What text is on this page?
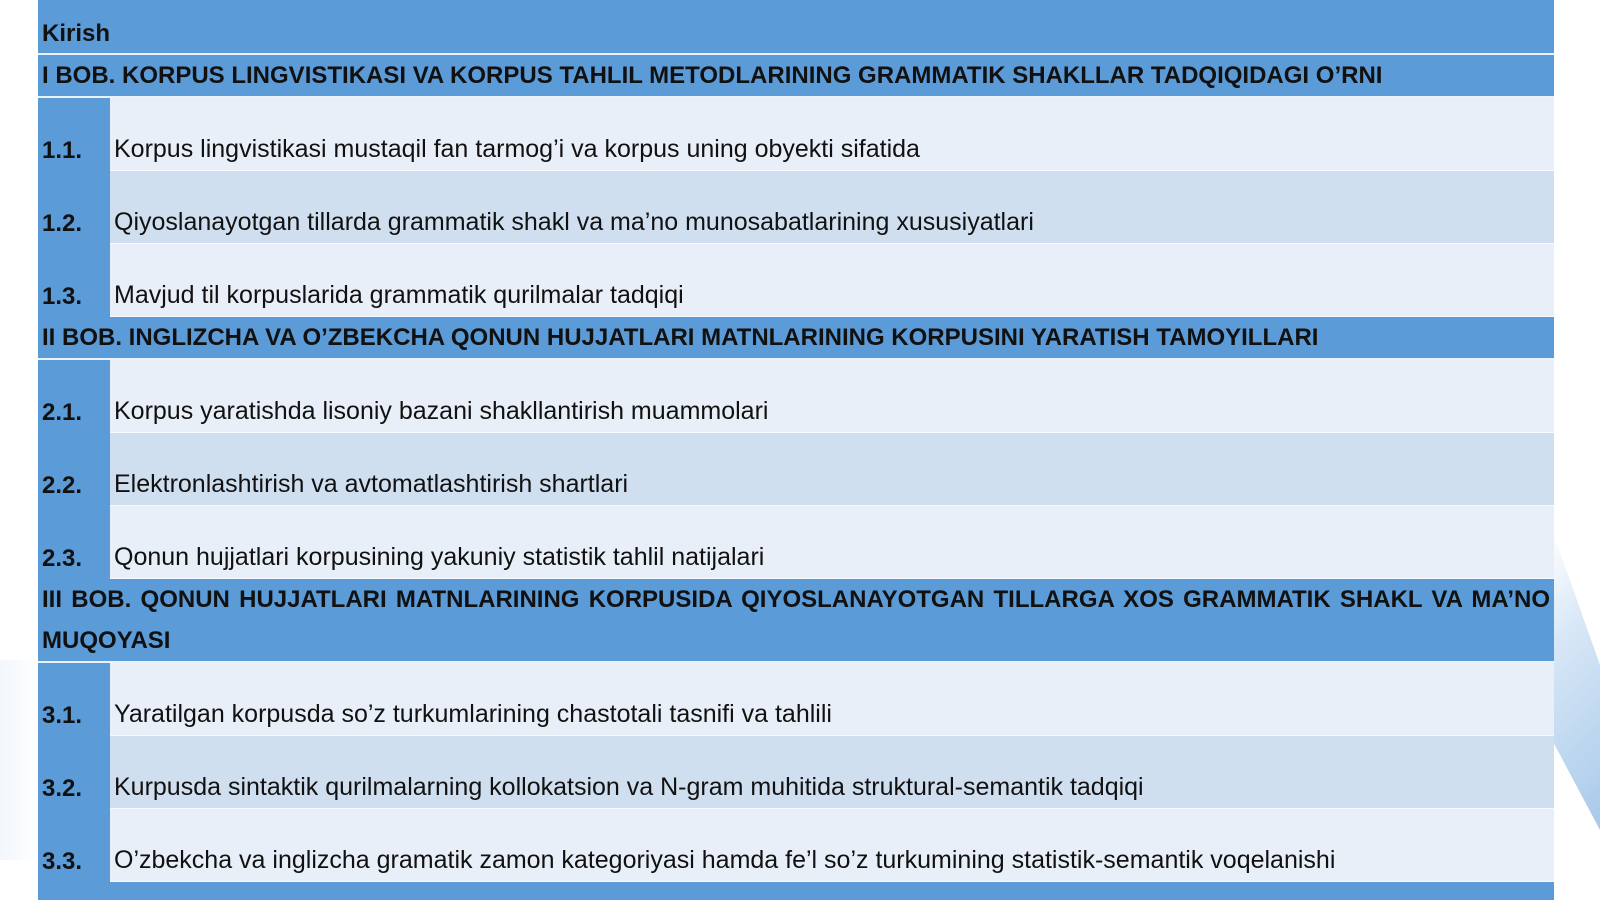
Kirish
I BOB. KORPUS LINGVISTIKASI VA KORPUS TAHLIL METODLARINING GRAMMATIK SHAKLLAR TADQIQIDAGI O’RNI
1.1.	Korpus lingvistikasi mustaqil fan tarmog’i va korpus uning obyekti sifatida
1.2.	Qiyoslanayotgan tillarda grammatik shakl va ma’no munosabatlarining xususiyatlari
1.3.	Mavjud til korpuslarida grammatik qurilmalar tadqiqi
II BOB. INGLIZCHA VA O’ZBEKCHA QONUN HUJJATLARI MATNLARINING KORPUSINI YARATISH TAMOYILLARI
2.1.	Korpus yaratishda lisoniy bazani shakllantirish muammolari
2.2.	Elektronlashtirish va avtomatlashtirish shartlari
2.3.	Qonun hujjatlari korpusining yakuniy statistik tahlil natijalari
III BOB. QONUN HUJJATLARI MATNLARINING KORPUSIDA QIYOSLANAYOTGAN TILLARGA XOS GRAMMATIK SHAKL VA MA’NO MUQOYASI
3.1.	Yaratilgan korpusda so’z turkumlarining chastotali tasnifi va tahlili
3.2.	Kurpusda sintaktik qurilmalarning kollokatsion va N-gram muhitida struktural-semantik tadqiqi
3.3.	O’zbekcha va inglizcha gramatik zamon kategoriyasi hamda fe’l so’z turkumining statistik-semantik voqelanishi
